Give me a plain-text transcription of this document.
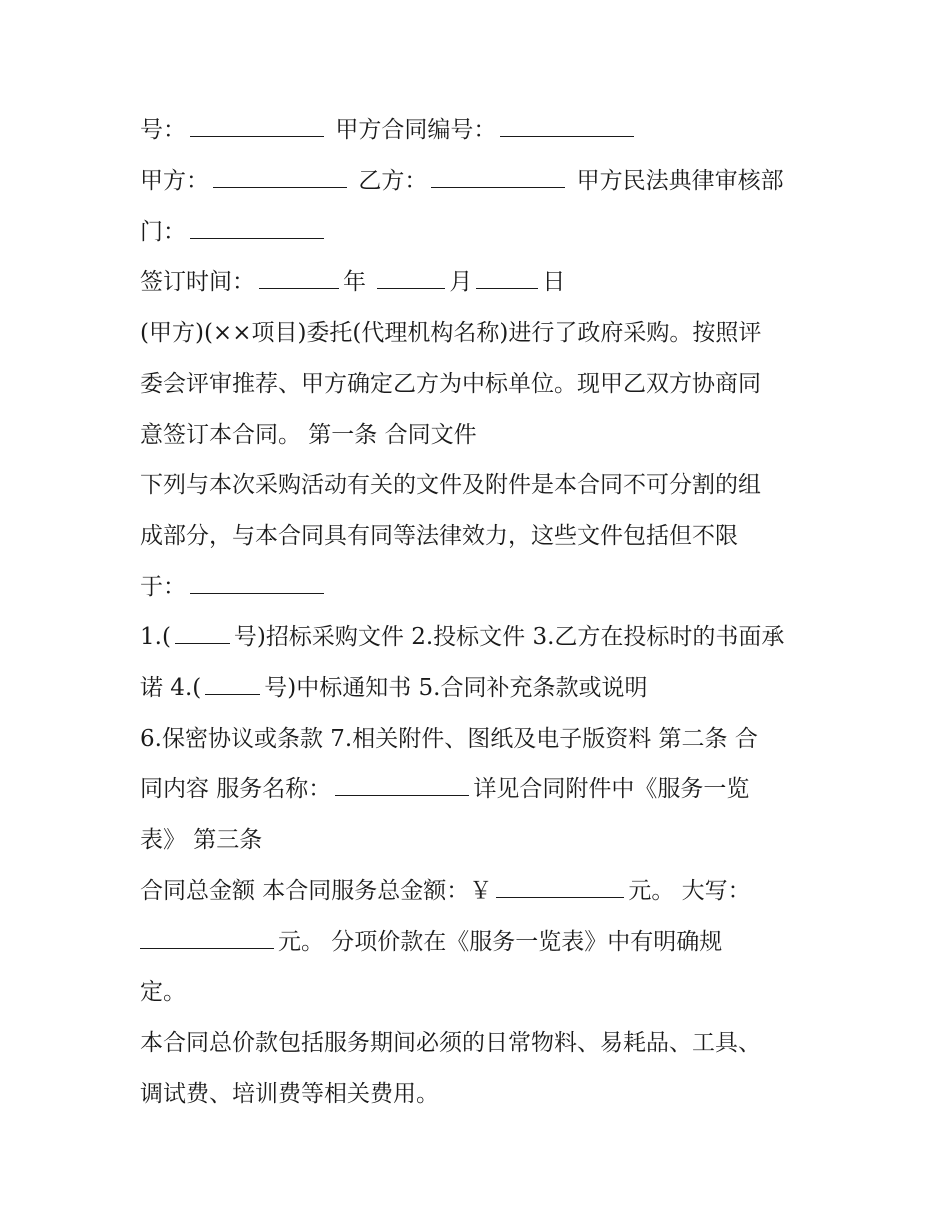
号：	甲方合同编号：
甲方：	乙方：	甲方民法典律审核部
门：
签订时间：	年	月	日
(甲方)(××项目)委托(代理机构名称)进行了政府采购。按照评
委会评审推荐、甲方确定乙方为中标单位。现甲乙双方协商同
意签订本合同。 第一条 合同文件
下列与本次采购活动有关的文件及附件是本合同不可分割的组
成部分，与本合同具有同等法律效力，这些文件包括但不限
于：
1.(	号)招标采购文件 2.投标文件 3.乙方在投标时的书面承
诺 4.(	号)中标通知书 5.合同补充条款或说明
6.保密协议或条款 7.相关附件、图纸及电子版资料 第二条 合
同内容 服务名称：	详见合同附件中《服务一览
表》 第三条
合同总金额 本合同服务总金额：￥	元。 大写：
元。 分项价款在《服务一览表》中有明确规
定。
本合同总价款包括服务期间必须的日常物料、易耗品、工具、
调试费、培训费等相关费用。
